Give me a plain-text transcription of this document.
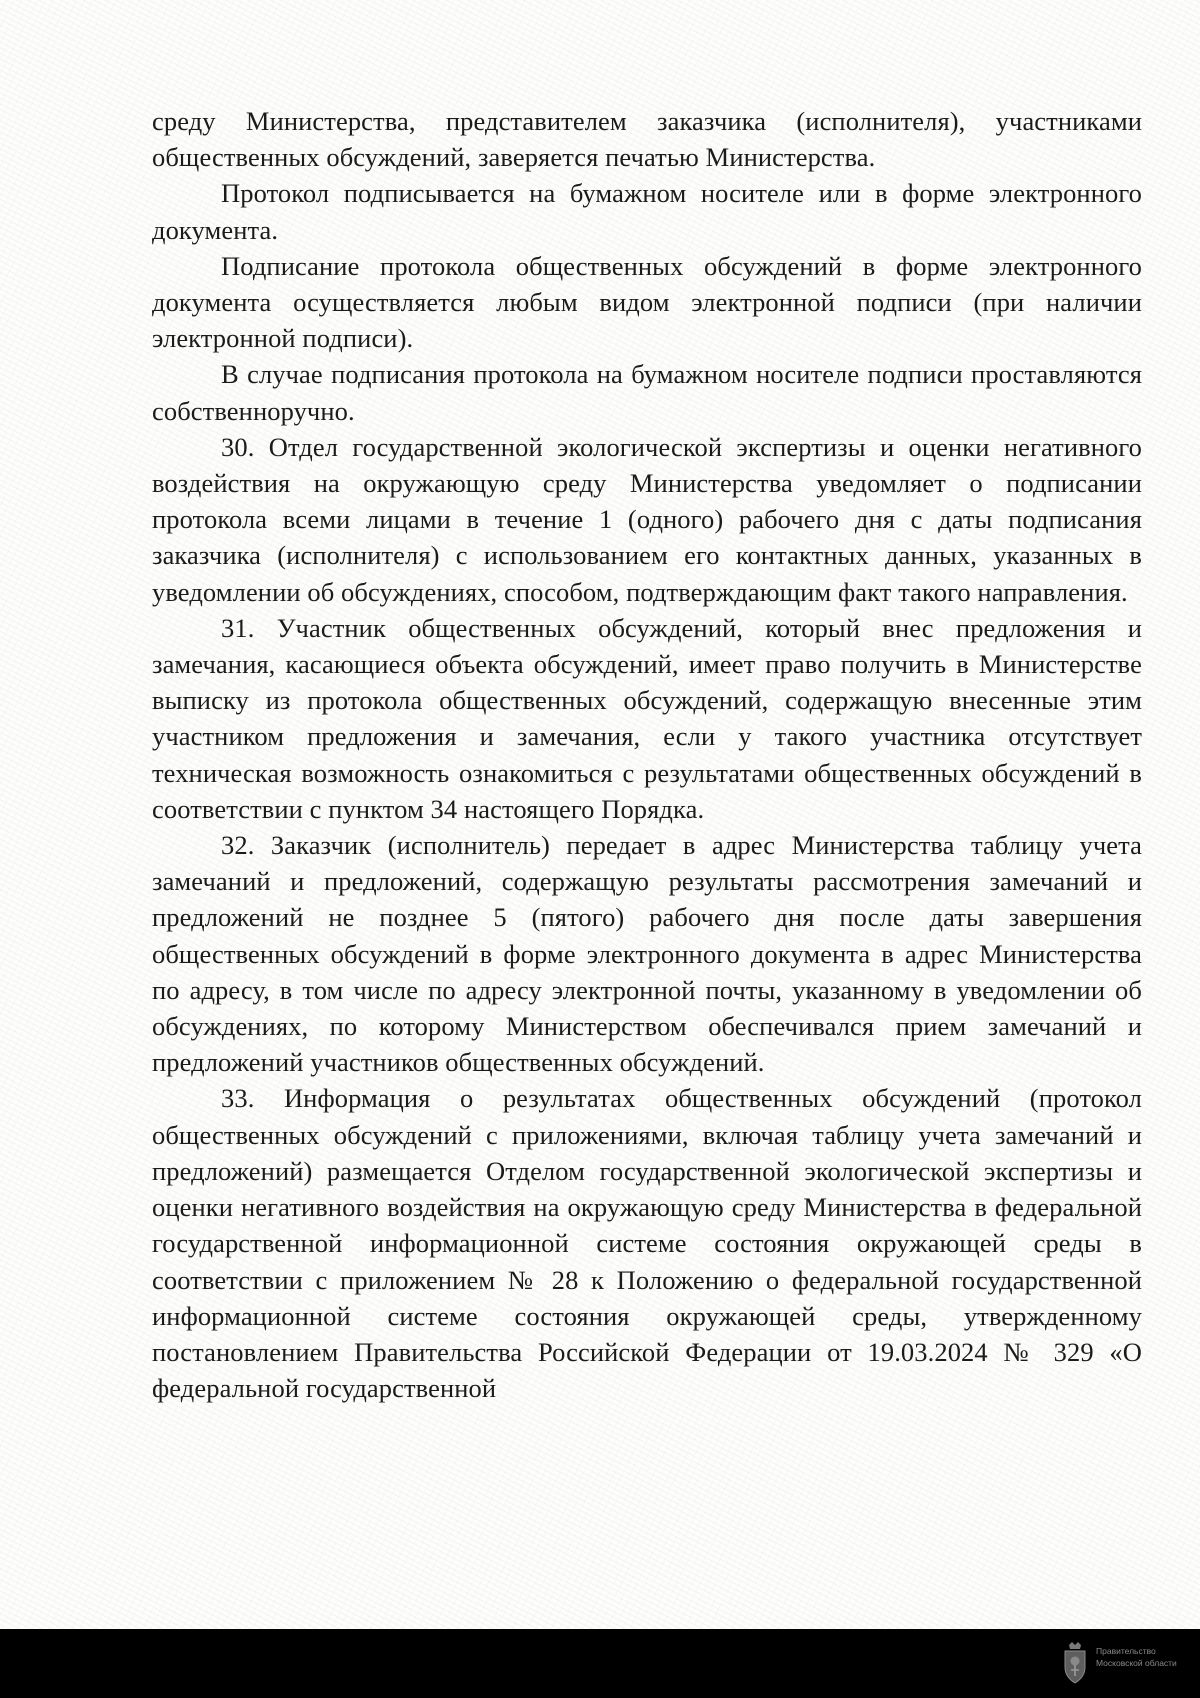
среду Министерства, представителем заказчика (исполнителя), участниками общественных обсуждений, заверяется печатью Министерства.

Протокол подписывается на бумажном носителе или в форме электронного документа.

Подписание протокола общественных обсуждений в форме электронного документа осуществляется любым видом электронной подписи (при наличии электронной подписи).

В случае подписания протокола на бумажном носителе подписи проставляются собственноручно.

30. Отдел государственной экологической экспертизы и оценки негативного воздействия на окружающую среду Министерства уведомляет о подписании протокола всеми лицами в течение 1 (одного) рабочего дня с даты подписания заказчика (исполнителя) с использованием его контактных данных, указанных в уведомлении об обсуждениях, способом, подтверждающим факт такого направления.

31. Участник общественных обсуждений, который внес предложения и замечания, касающиеся объекта обсуждений, имеет право получить в Министерстве выписку из протокола общественных обсуждений, содержащую внесенные этим участником предложения и замечания, если у такого участника отсутствует техническая возможность ознакомиться с результатами общественных обсуждений в соответствии с пунктом 34 настоящего Порядка.

32. Заказчик (исполнитель) передает в адрес Министерства таблицу учета замечаний и предложений, содержащую результаты рассмотрения замечаний и предложений не позднее 5 (пятого) рабочего дня после даты завершения общественных обсуждений в форме электронного документа в адрес Министерства по адресу, в том числе по адресу электронной почты, указанному в уведомлении об обсуждениях, по которому Министерством обеспечивался прием замечаний и предложений участников общественных обсуждений.

33. Информация о результатах общественных обсуждений (протокол общественных обсуждений с приложениями, включая таблицу учета замечаний и предложений) размещается Отделом государственной экологической экспертизы и оценки негативного воздействия на окружающую среду Министерства в федеральной государственной информационной системе состояния окружающей среды в соответствии с приложением № 28 к Положению о федеральной государственной информационной системе состояния окружающей среды, утвержденному постановлением Правительства Российской Федерации от 19.03.2024 № 329 «О федеральной государственной

Правительство
Московской области
